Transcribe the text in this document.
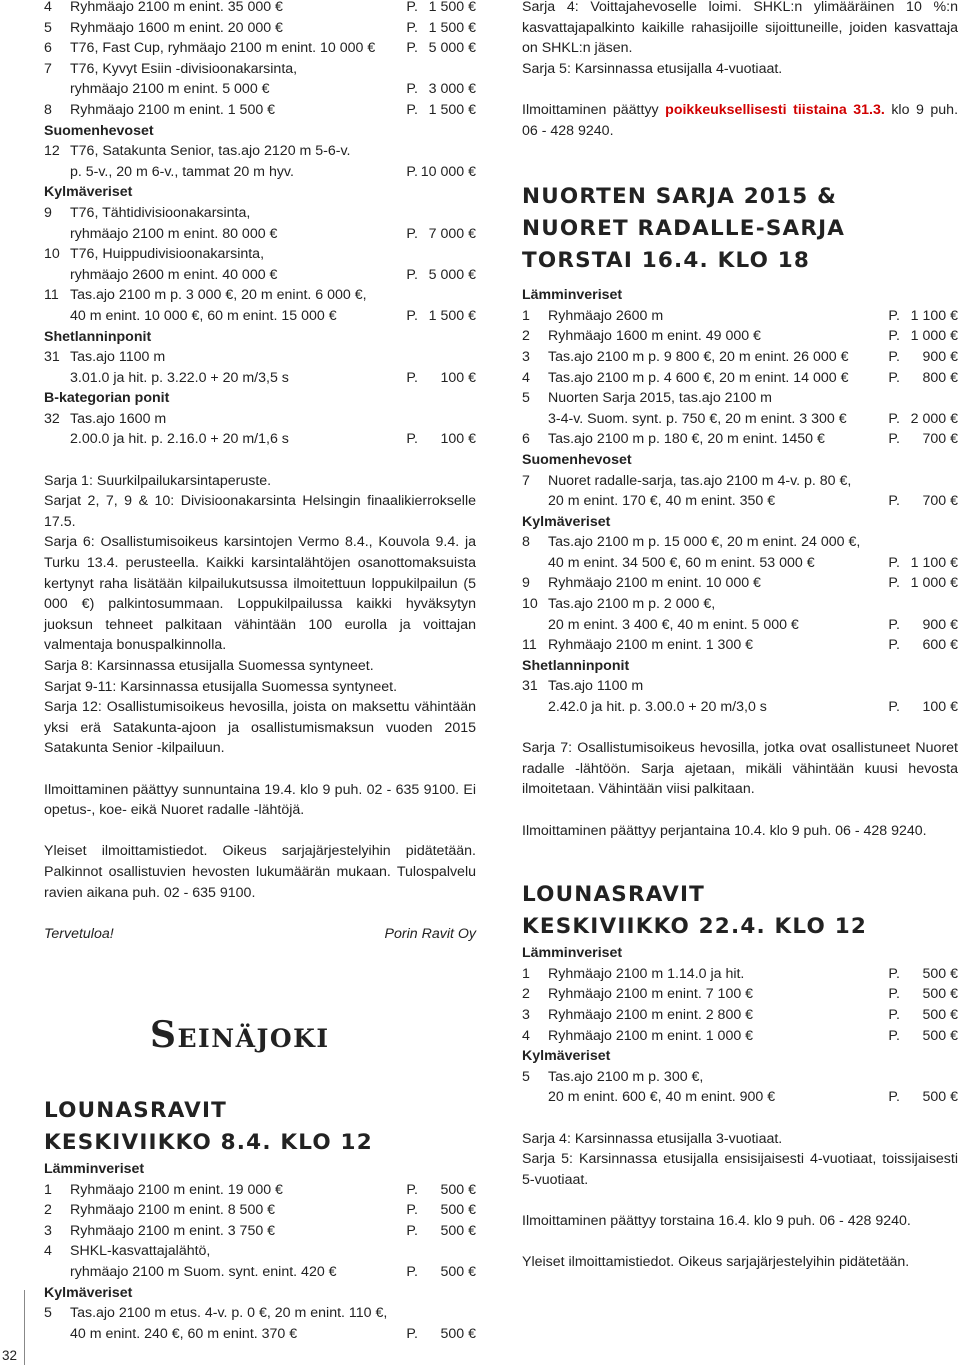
4 Ryhmäajo 2100 m enint. 35 000 €	P. 1 500 €
5 Ryhmäajo 1600 m enint. 20 000 €	P. 1 500 €
6 T76, Fast Cup, ryhmäajo 2100 m enint. 10 000 € P. 5 000 €
7 T76, Kyvyt Esiin -divisioonakarsinta,
ryhmäajo 2100 m enint. 5 000 €	P. 3 000 €
8 Ryhmäajo 2100 m enint. 1 500 €	P. 1 500 €
Suomenhevoset
12 T76, Satakunta Senior, tas.ajo 2120 m 5-6-v.
p. 5-v., 20 m 6-v., tammat 20 m hyv.	P. 10 000 €
Kylmäveriset
9 T76, Tähtidivisioonakarsinta,
ryhmäajo 2100 m enint. 80 000 €	P. 7 000 €
10 T76, Huippudivisioonakarsinta,
ryhmäajo 2600 m enint. 40 000 €	P. 5 000 €
11 Tas.ajo 2100 m p. 3 000 €, 20 m enint. 6 000 €,
40 m enint. 10 000 €, 60 m enint. 15 000 €	P. 1 500 €
Shetlanninponit
31 Tas.ajo 1100 m
3.01.0 ja hit. p. 3.22.0 + 20 m/3,5 s	P. 100 €
B-kategorian ponit
32 Tas.ajo 1600 m
2.00.0 ja hit. p. 2.16.0 + 20 m/1,6 s	P. 100 €

Sarja 1: Suurkilpailukarsintaperuste.

Sarjat 2, 7, 9 & 10: Divisioonakarsinta Helsingin finaalikierrokselle 17.5.

Sarja 6: Osallistumisoikeus karsintojen Vermo 8.4., Kouvola 9.4. ja Turku 13.4. perusteella. Kaikki karsintalähtöjen osanottomaksuista kertynyt raha lisätään kilpailukutsussa ilmoitettuun loppukilpailun (5 000 €) palkintosummaan. Loppukilpailussa kaikki hyväksytyn juoksun tehneet palkitaan vähintään 100 eurolla ja voittajan valmentaja bonuspalkinnolla.

Sarja 8: Karsinnassa etusijalla Suomessa syntyneet.

Sarjat 9-11: Karsinnassa etusijalla Suomessa syntyneet.

Sarja 12: Osallistumisoikeus hevosilla, joista on maksettu vähintään yksi erä Satakunta-ajoon ja osallistumismaksun vuoden 2015 Satakunta Senior -kilpailuun.

Ilmoittaminen päättyy sunnuntaina 19.4. klo 9 puh. 02 - 635 9100. Ei opetus-, koe- eikä Nuoret radalle -lähtöjä.

Yleiset ilmoittamistiedot. Oikeus sarjajärjestelyihin pidätetään. Palkinnot osallistuvien hevosten lukumäärän mukaan. Tulospalvelu ravien aikana puh. 02 - 635 9100.

Tervetuloa!	Porin Ravit Oy
Seinäjoki
LOUNASRAVIT
KESKIVIIKKO 8.4. KLO 12
Lämminveriset
1 Ryhmäajo 2100 m enint. 19 000 €	P. 500 €
2 Ryhmäajo 2100 m enint. 8 500 €	P. 500 €
3 Ryhmäajo 2100 m enint. 3 750 €	P. 500 €
4 SHKL-kasvattajalähtö,
ryhmäajo 2100 m Suom. synt. enint. 420 €	P. 500 €
Kylmäveriset
5 Tas.ajo 2100 m etus. 4-v. p. 0 €, 20 m enint. 110 €,
40 m enint. 240 €, 60 m enint. 370 €	P. 500 €

Sarja 4: Voittajahevoselle loimi. SHKL:n ylimääräinen 10 %:n kasvattajapalkinto kaikille rahasijoille sijoittuneille, joiden kasvattaja on SHKL:n jäsen.

Sarja 5: Karsinnassa etusijalla 4-vuotiaat.

Ilmoittaminen päättyy poikkeuksellisesti tiistaina 31.3. klo 9 puh. 06 - 428 9240.

NUORTEN SARJA 2015 &
NUORET RADALLE-SARJA
TORSTAI 16.4. KLO 18
Lämminveriset
1 Ryhmäajo 2600 m	P. 1 100 €
2 Ryhmäajo 1600 m enint. 49 000 €	P. 1 000 €
3 Tas.ajo 2100 m p. 9 800 €, 20 m enint. 26 000 €	P. 900 €
4 Tas.ajo 2100 m p. 4 600 €, 20 m enint. 14 000 €	P. 800 €
5 Nuorten Sarja 2015, tas.ajo 2100 m
3-4-v. Suom. synt. p. 750 €, 20 m enint. 3 300 €	P. 2 000 €
6 Tas.ajo 2100 m p. 180 €, 20 m enint. 1450 €	P. 700 €
Suomenhevoset
7 Nuoret radalle-sarja, tas.ajo 2100 m 4-v. p. 80 €,
20 m enint. 170 €, 40 m enint. 350 €	P. 700 €
Kylmäveriset
8 Tas.ajo 2100 m p. 15 000 €, 20 m enint. 24 000 €,
40 m enint. 34 500 €, 60 m enint. 53 000 €	P. 1 100 €
9 Ryhmäajo 2100 m enint. 10 000 €	P. 1 000 €
10 Tas.ajo 2100 m p. 2 000 €,
20 m enint. 3 400 €, 40 m enint. 5 000 €	P. 900 €
11 Ryhmäajo 2100 m enint. 1 300 €	P. 600 €
Shetlanninponit
31 Tas.ajo 1100 m
2.42.0 ja hit. p. 3.00.0 + 20 m/3,0 s	P. 100 €

Sarja 7: Osallistumisoikeus hevosilla, jotka ovat osallistuneet Nuoret radalle -lähtöön. Sarja ajetaan, mikäli vähintään kuusi hevosta ilmoitetaan. Vähintään viisi palkitaan.

Ilmoittaminen päättyy perjantaina 10.4. klo 9 puh. 06 - 428 9240.

LOUNASRAVIT
KESKIVIIKKO 22.4. KLO 12
Lämminveriset
1 Ryhmäajo 2100 m 1.14.0 ja hit.	P. 500 €
2 Ryhmäajo 2100 m enint. 7 100 €	P. 500 €
3 Ryhmäajo 2100 m enint. 2 800 €	P. 500 €
4 Ryhmäajo 2100 m enint. 1 000 €	P. 500 €
Kylmäveriset
5 Tas.ajo 2100 m p. 300 €,
20 m enint. 600 €, 40 m enint. 900 €	P. 500 €

Sarja 4: Karsinnassa etusijalla 3-vuotiaat.

Sarja 5: Karsinnassa etusijalla ensisijaisesti 4-vuotiaat, toissijaisesti 5-vuotiaat.

Ilmoittaminen päättyy torstaina 16.4. klo 9 puh. 06 - 428 9240.

Yleiset ilmoittamistiedot. Oikeus sarjajärjestelyihin pidätetään.

32
